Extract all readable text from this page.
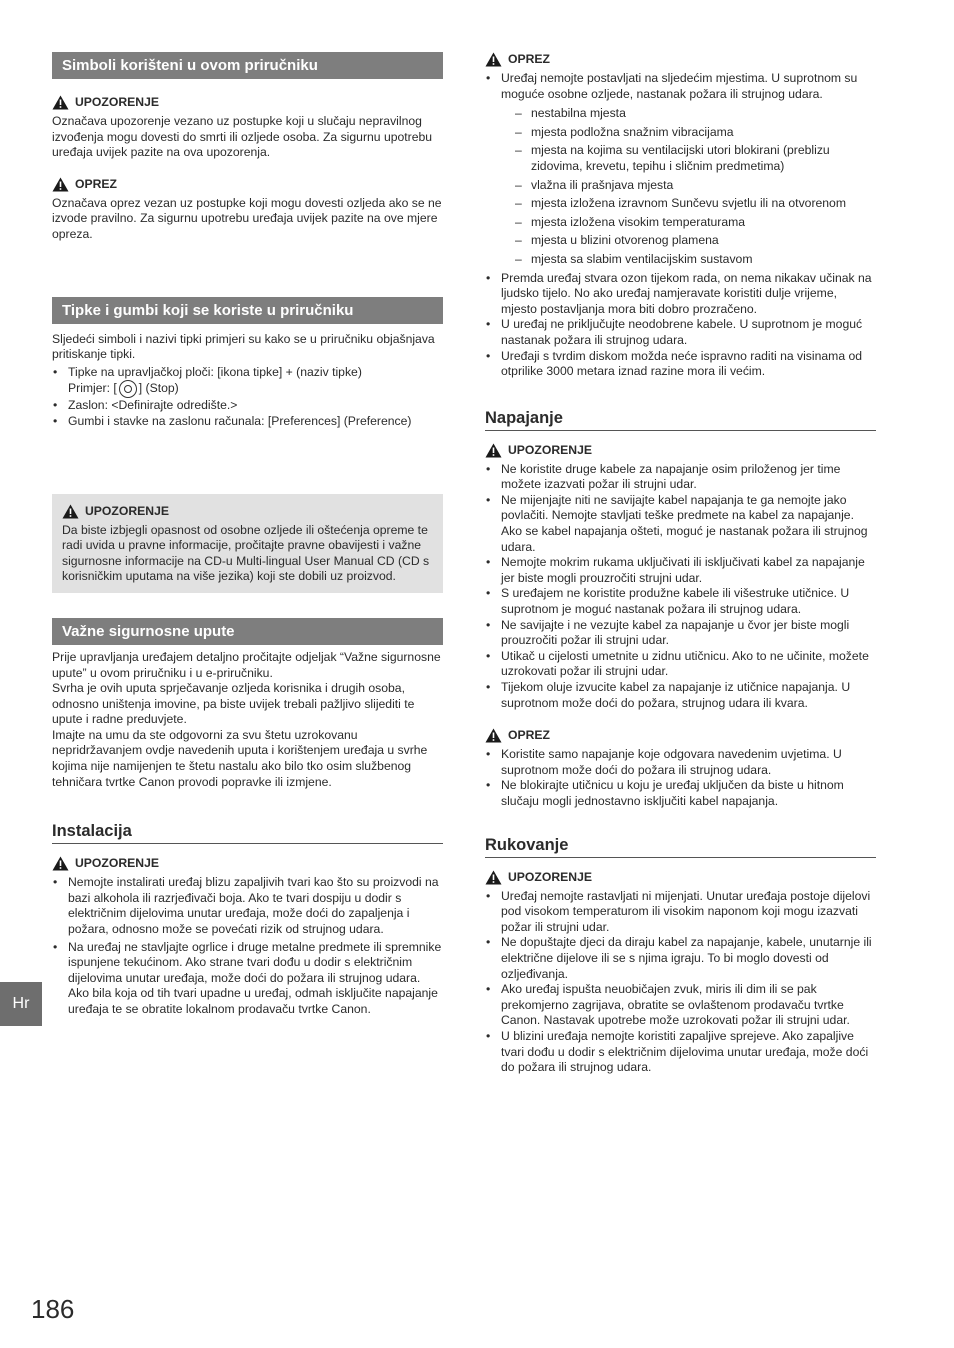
Simboli korišteni u ovom priručniku
UPOZORENJE

Označava upozorenje vezano uz postupke koji u slučaju nepravilnog izvođenja mogu dovesti do smrti ili ozljede osoba. Za sigurnu upotrebu uređaja uvijek pazite na ova upozorenja.

OPREZ

Označava oprez vezan uz postupke koji mogu dovesti ozljeda ako se ne izvode pravilno. Za sigurnu upotrebu uređaja uvijek pazite na ove mjere opreza.

Tipke i gumbi koji se koriste u priručniku

Sljedeći simboli i nazivi tipki primjeri su kako se u priručniku objašnjava pritiskanje tipki.

• Tipke na upravljačkoj ploči: [ikona tipke] + (naziv tipke)
Primjer: [ ] (Stop)
• Zaslon: <Definirajte odredište.>
• Gumbi i stavke na zaslonu računala: [Preferences] (Preference)
UPOZORENJE

Da biste izbjegli opasnost od osobne ozljede ili oštećenja opreme te radi uvida u pravne informacije, pročitajte pravne obavijesti i važne sigurnosne informacije na CD-u Multi-lingual User Manual CD (CD s korisničkim uputama na više jezika) koji ste dobili uz proizvod.

Važne sigurnosne upute

Prije upravljanja uređajem detaljno pročitajte odjeljak “Važne sigurnosne upute” u ovom priručniku i u e-priručniku.

Svrha je ovih uputa sprječavanje ozljeda korisnika i drugih osoba, odnosno uništenja imovine, pa biste uvijek trebali pažljivo slijediti te upute i radne preduvjete.

Imajte na umu da ste odgovorni za svu štetu uzrokovanu nepridržavanjem ovdje navedenih uputa i korištenjem uređaja u svrhe kojima nije namijenjen te štetu nastalu ako bilo tko osim službenog tehničara tvrtke Canon provodi popravke ili izmjene.

Instalacija
UPOZORENJE
• Nemojte instalirati uređaj blizu zapaljivih tvari kao što su proizvodi na bazi alkohola ili razrjeđivači boja. Ako te tvari dospiju u dodir s električnim dijelovima unutar uređaja, može doći do zapaljenja i požara, odnosno može se povećati rizik od strujnog udara.
• Na uređaj ne stavljajte ogrlice i druge metalne predmete ili spremnike ispunjene tekućinom. Ako strane tvari dođu u dodir s električnim dijelovima unutar uređaja, može doći do požara ili strujnog udara. Ako bila koja od tih tvari upadne u uređaj, odmah isključite napajanje uređaja te se obratite lokalnom prodavaču tvrtke Canon.
OPREZ
• Uređaj nemojte postavljati na sljedećim mjestima. U suprotnom su moguće osobne ozljede, nastanak požara ili strujnog udara.
– nestabilna mjesta
– mjesta podložna snažnim vibracijama
– mjesta na kojima su ventilacijski utori blokirani (preblizu zidovima, krevetu, tepihu i sličnim predmetima)
– vlažna ili prašnjava mjesta
– mjesta izložena izravnom Sunčevu svjetlu ili na otvorenom
– mjesta izložena visokim temperaturama
– mjesta u blizini otvorenog plamena
– mjesta sa slabim ventilacijskim sustavom
• Premda uređaj stvara ozon tijekom rada, on nema nikakav učinak na ljudsko tijelo. No ako uređaj namjeravate koristiti dulje vrijeme, mjesto postavljanja mora biti dobro prozračeno.
• U uređaj ne priključujte neodobrene kabele. U suprotnom je moguć nastanak požara ili strujnog udara.
• Uređaji s tvrdim diskom možda neće ispravno raditi na visinama od otprilike 3000 metara iznad razine mora ili većim.
Napajanje
UPOZORENJE
• Ne koristite druge kabele za napajanje osim priloženog jer time možete izazvati požar ili strujni udar.
• Ne mijenjajte niti ne savijajte kabel napajanja te ga nemojte jako povlačiti. Nemojte stavljati teške predmete na kabel za napajanje. Ako se kabel napajanja ošteti, moguć je nastanak požara ili strujnog udara.
• Nemojte mokrim rukama uključivati ili isključivati kabel za napajanje jer biste mogli prouzročiti strujni udar.
• S uređajem ne koristite produžne kabele ili višestruke utičnice. U suprotnom je moguć nastanak požara ili strujnog udara.
• Ne savijajte i ne vezujte kabel za napajanje u čvor jer biste mogli prouzročiti požar ili strujni udar.
• Utikač u cijelosti umetnite u zidnu utičnicu. Ako to ne učinite, možete uzrokovati požar ili strujni udar.
• Tijekom oluje izvucite kabel za napajanje iz utičnice napajanja. U suprotnom može doći do požara, strujnog udara ili kvara.
OPREZ
• Koristite samo napajanje koje odgovara navedenim uvjetima. U suprotnom može doći do požara ili strujnog udara.
• Ne blokirajte utičnicu u koju je uređaj uključen da biste u hitnom slučaju mogli jednostavno isključiti kabel napajanja.
Rukovanje
UPOZORENJE
• Uređaj nemojte rastavljati ni mijenjati. Unutar uređaja postoje dijelovi pod visokom temperaturom ili visokim naponom koji mogu izazvati požar ili strujni udar.
• Ne dopuštajte djeci da diraju kabel za napajanje, kabele, unutarnje ili električne dijelove ili se s njima igraju. To bi moglo dovesti od ozljeđivanja.
• Ako uređaj ispušta neuobičajen zvuk, miris ili dim ili se pak prekomjerno zagrijava, obratite se ovlaštenom prodavaču tvrtke Canon. Nastavak upotrebe može uzrokovati požar ili strujni udar.
• U blizini uređaja nemojte koristiti zapaljive sprejeve. Ako zapaljive tvari dođu u dodir s električnim dijelovima unutar uređaja, može doći do požara ili strujnog udara.
Hr
186
